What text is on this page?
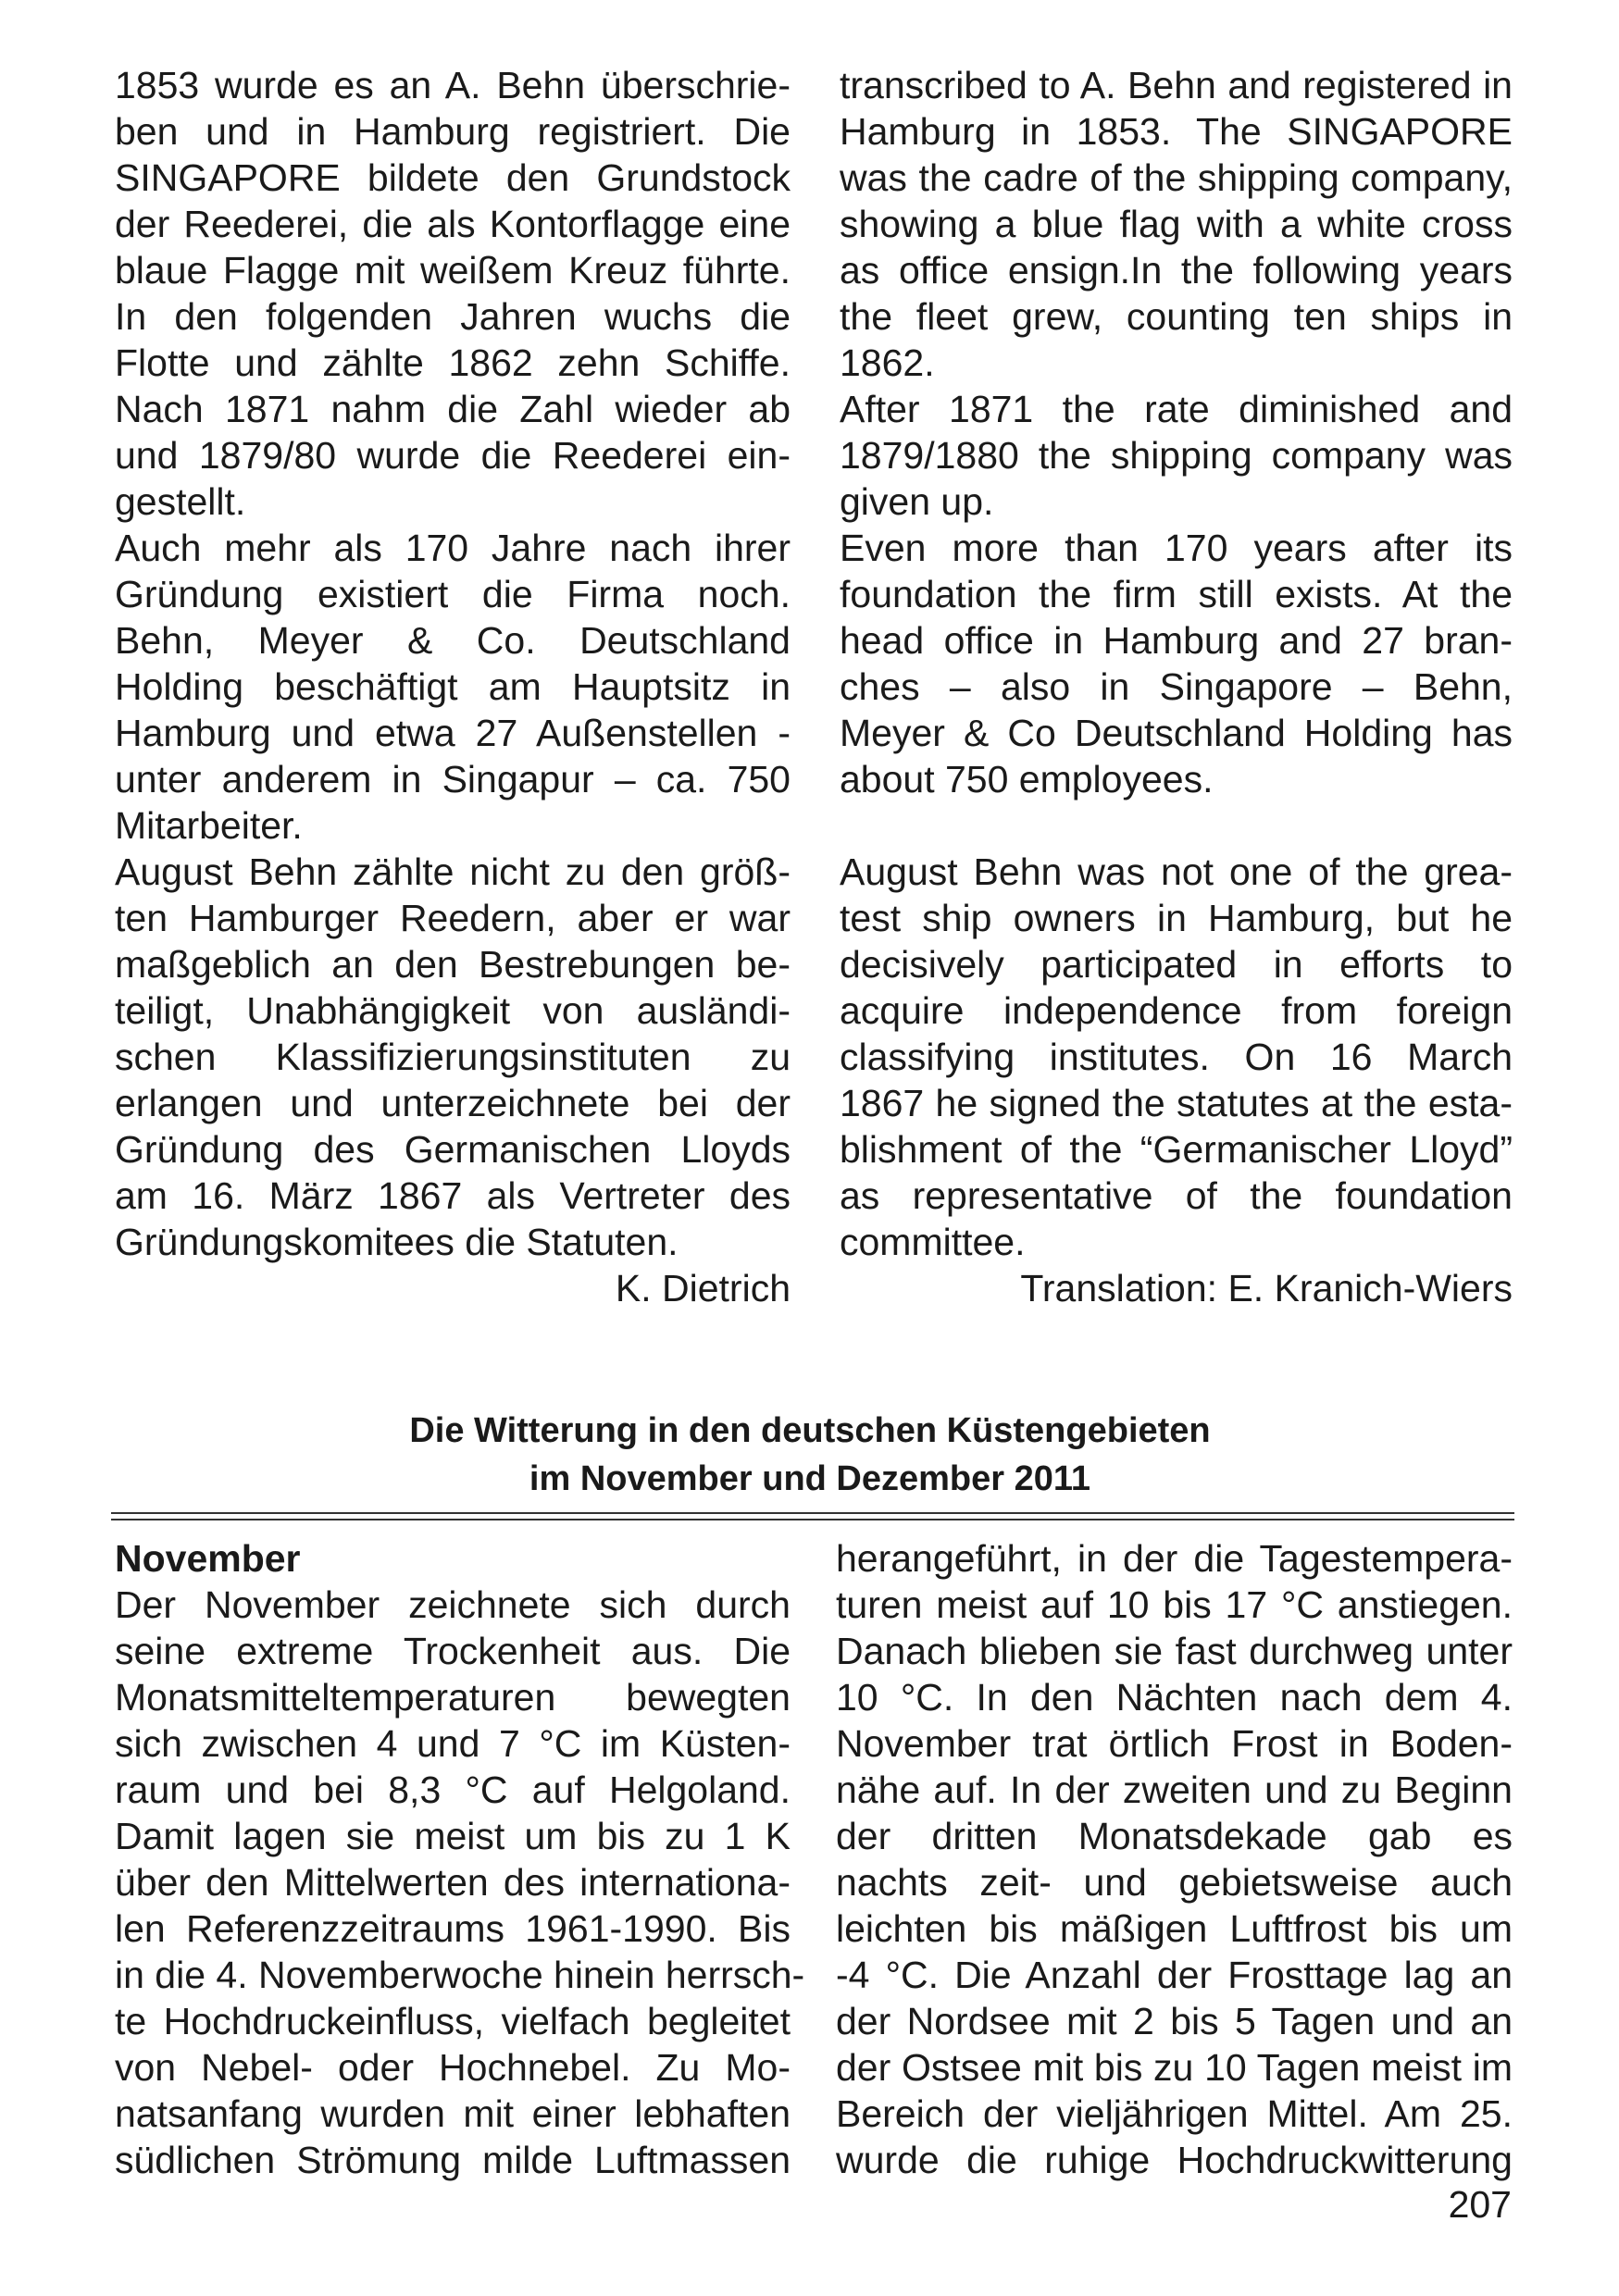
1853 wurde es an A. Behn überschrie-
ben und in Hamburg registriert. Die
SINGAPORE bildete den Grundstock
der Reederei, die als Kontorflagge eine
blaue Flagge mit weißem Kreuz führte.
In den folgenden Jahren wuchs die
Flotte und zählte 1862 zehn Schiffe.
Nach 1871 nahm die Zahl wieder ab
und 1879/80 wurde die Reederei ein-
gestellt.
Auch mehr als 170 Jahre nach ihrer
Gründung existiert die Firma noch.
Behn, Meyer & Co. Deutschland
Holding beschäftigt am Hauptsitz in
Hamburg und etwa 27 Außenstellen -
unter anderem in Singapur – ca. 750
Mitarbeiter.
August Behn zählte nicht zu den größ-
ten Hamburger Reedern, aber er war
maßgeblich an den Bestrebungen be-
teiligt, Unabhängigkeit von ausländi-
schen Klassifizierungsinstituten zu
erlangen und unterzeichnete bei der
Gründung des Germanischen Lloyds
am 16. März 1867 als Vertreter des
Gründungskomitees die Statuten.
K. Dietrich
transcribed to A. Behn and registered in
Hamburg in 1853. The SINGAPORE
was the cadre of the shipping company,
showing a blue flag with a white cross
as office ensign.In the following years
the fleet grew, counting ten ships in
1862.
After 1871 the rate diminished and
1879/1880 the shipping company was
given up.
Even more than 170 years after its
foundation the firm still exists. At the
head office in Hamburg and 27 bran-
ches – also in Singapore – Behn,
Meyer & Co Deutschland Holding has
about 750 employees.
August Behn was not one of the grea-
test ship owners in Hamburg, but he
decisively participated in efforts to
acquire independence from foreign
classifying institutes. On 16 March
1867 he signed the statutes at the esta-
blishment of the “Germanischer Lloyd”
as representative of the foundation
committee.
Translation: E. Kranich-Wiers
Die Witterung in den deutschen Küstengebieten
im November und Dezember 2011
November
Der November zeichnete sich durch
seine extreme Trockenheit aus. Die
Monatsmitteltemperaturen bewegten
sich zwischen 4 und 7 °C im Küsten-
raum und bei 8,3 °C auf Helgoland.
Damit lagen sie meist um bis zu 1 K
über den Mittelwerten des internationa-
len Referenzzeitraums 1961-1990. Bis
in die 4. Novemberwoche hinein herrsch-
te Hochdruckeinfluss, vielfach begleitet
von Nebel- oder Hochnebel. Zu Mo-
natsanfang wurden mit einer lebhaften
südlichen Strömung milde Luftmassen
herangeführt, in der die Tagestempera-
turen meist auf 10 bis 17 °C anstiegen.
Danach blieben sie fast durchweg unter
10 °C. In den Nächten nach dem 4.
November trat örtlich Frost in Boden-
nähe auf. In der zweiten und zu Beginn
der dritten Monatsdekade gab es
nachts zeit- und gebietsweise auch
leichten bis mäßigen Luftfrost bis um
-4 °C. Die Anzahl der Frosttage lag an
der Nordsee mit 2 bis 5 Tagen und an
der Ostsee mit bis zu 10 Tagen meist im
Bereich der vieljährigen Mittel. Am 25.
wurde die ruhige Hochdruckwitterung
207
